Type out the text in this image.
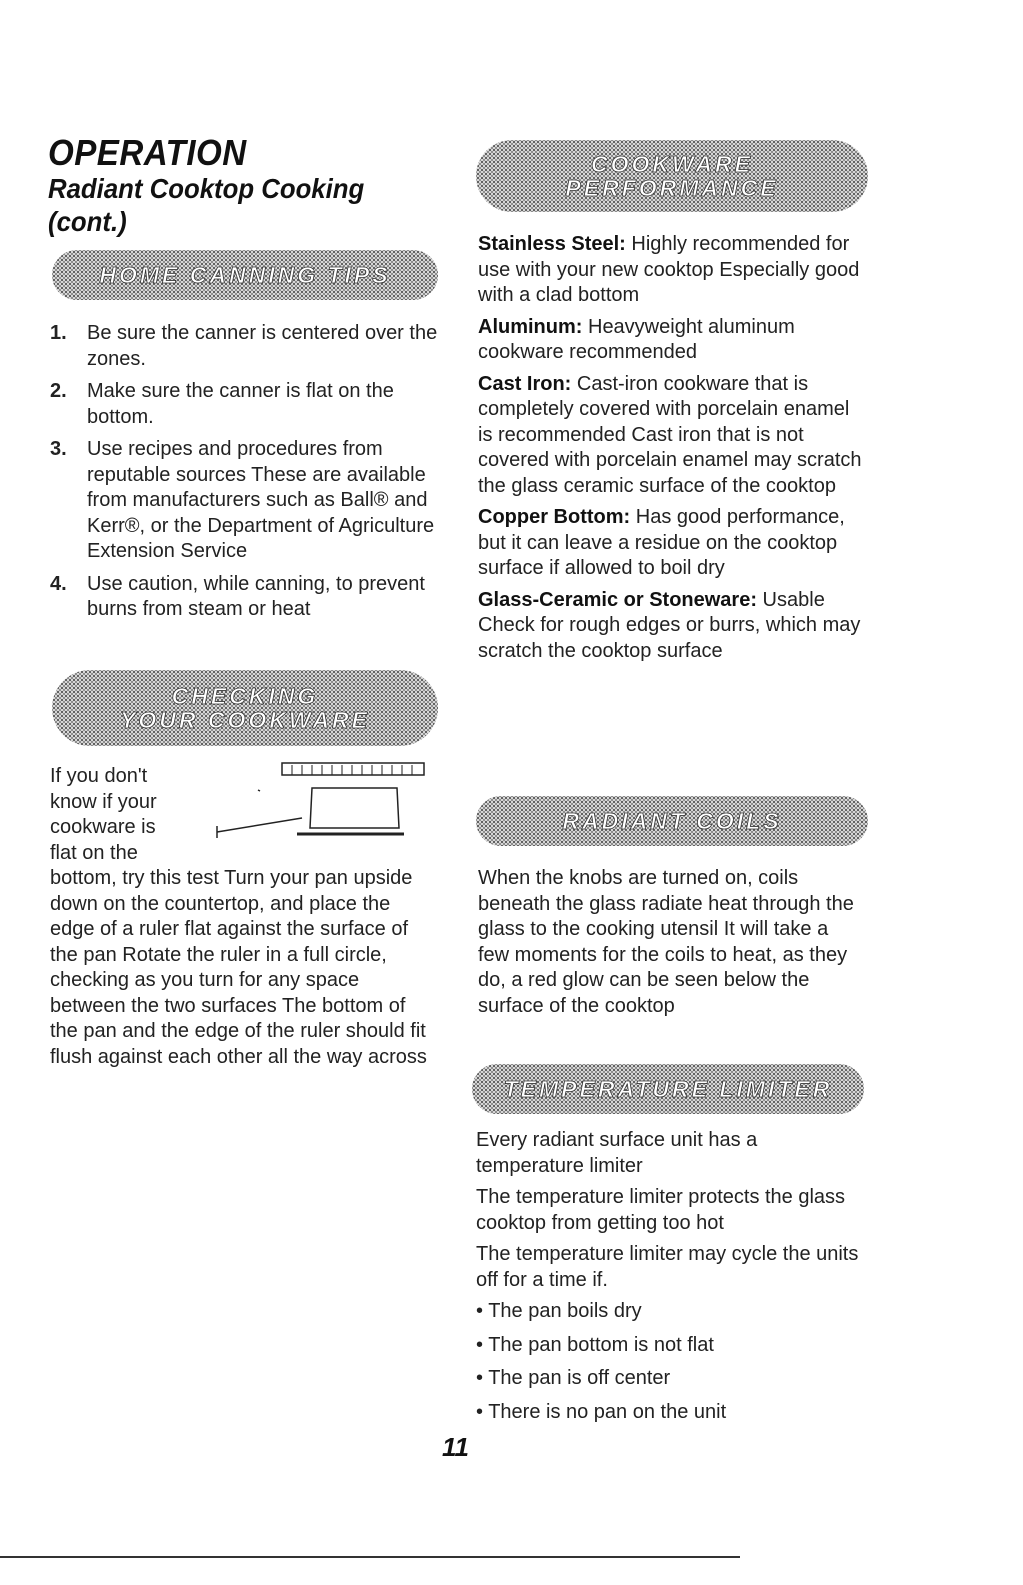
OPERATION
Radiant Cooktop Cooking
(cont.)
HOME CANNING TIPS
1. Be sure the canner is centered over the zones.
2. Make sure the canner is flat on the bottom.
3. Use recipes and procedures from reputable sources These are available from manufacturers such as Ball® and Kerr®, or the Department of Agriculture Extension Service
4. Use caution, while canning, to prevent burns from steam or heat
CHECKING
YOUR COOKWARE
If you don't
know if your
cookware is
flat on the

bottom, try this test Turn your pan upside down on the countertop, and place the edge of a ruler flat against the surface of the pan Rotate the ruler in a full circle, checking as you turn for any space between the two surfaces The bottom of the pan and the edge of the ruler should fit flush against each other all the way across

COOKWARE
PERFORMANCE

Stainless Steel: Highly recommended for use with your new cooktop Especially good with a clad bottom

Aluminum: Heavyweight aluminum cookware recommended

Cast Iron: Cast-iron cookware that is completely covered with porcelain enamel is recommended Cast iron that is not covered with porcelain enamel may scratch the glass ceramic surface of the cooktop

Copper Bottom: Has good performance, but it can leave a residue on the cooktop surface if allowed to boil dry

Glass-Ceramic or Stoneware: Usable Check for rough edges or burrs, which may scratch the cooktop surface

RADIANT COILS

When the knobs are turned on, coils beneath the glass radiate heat through the glass to the cooking utensil It will take a few moments for the coils to heat, as they do, a red glow can be seen below the surface of the cooktop

TEMPERATURE LIMITER

Every radiant surface unit has a temperature limiter

The temperature limiter protects the glass cooktop from getting too hot

The temperature limiter may cycle the units off for a time if.

• The pan boils dry
• The pan bottom is not flat
• The pan is off center
• There is no pan on the unit
11
